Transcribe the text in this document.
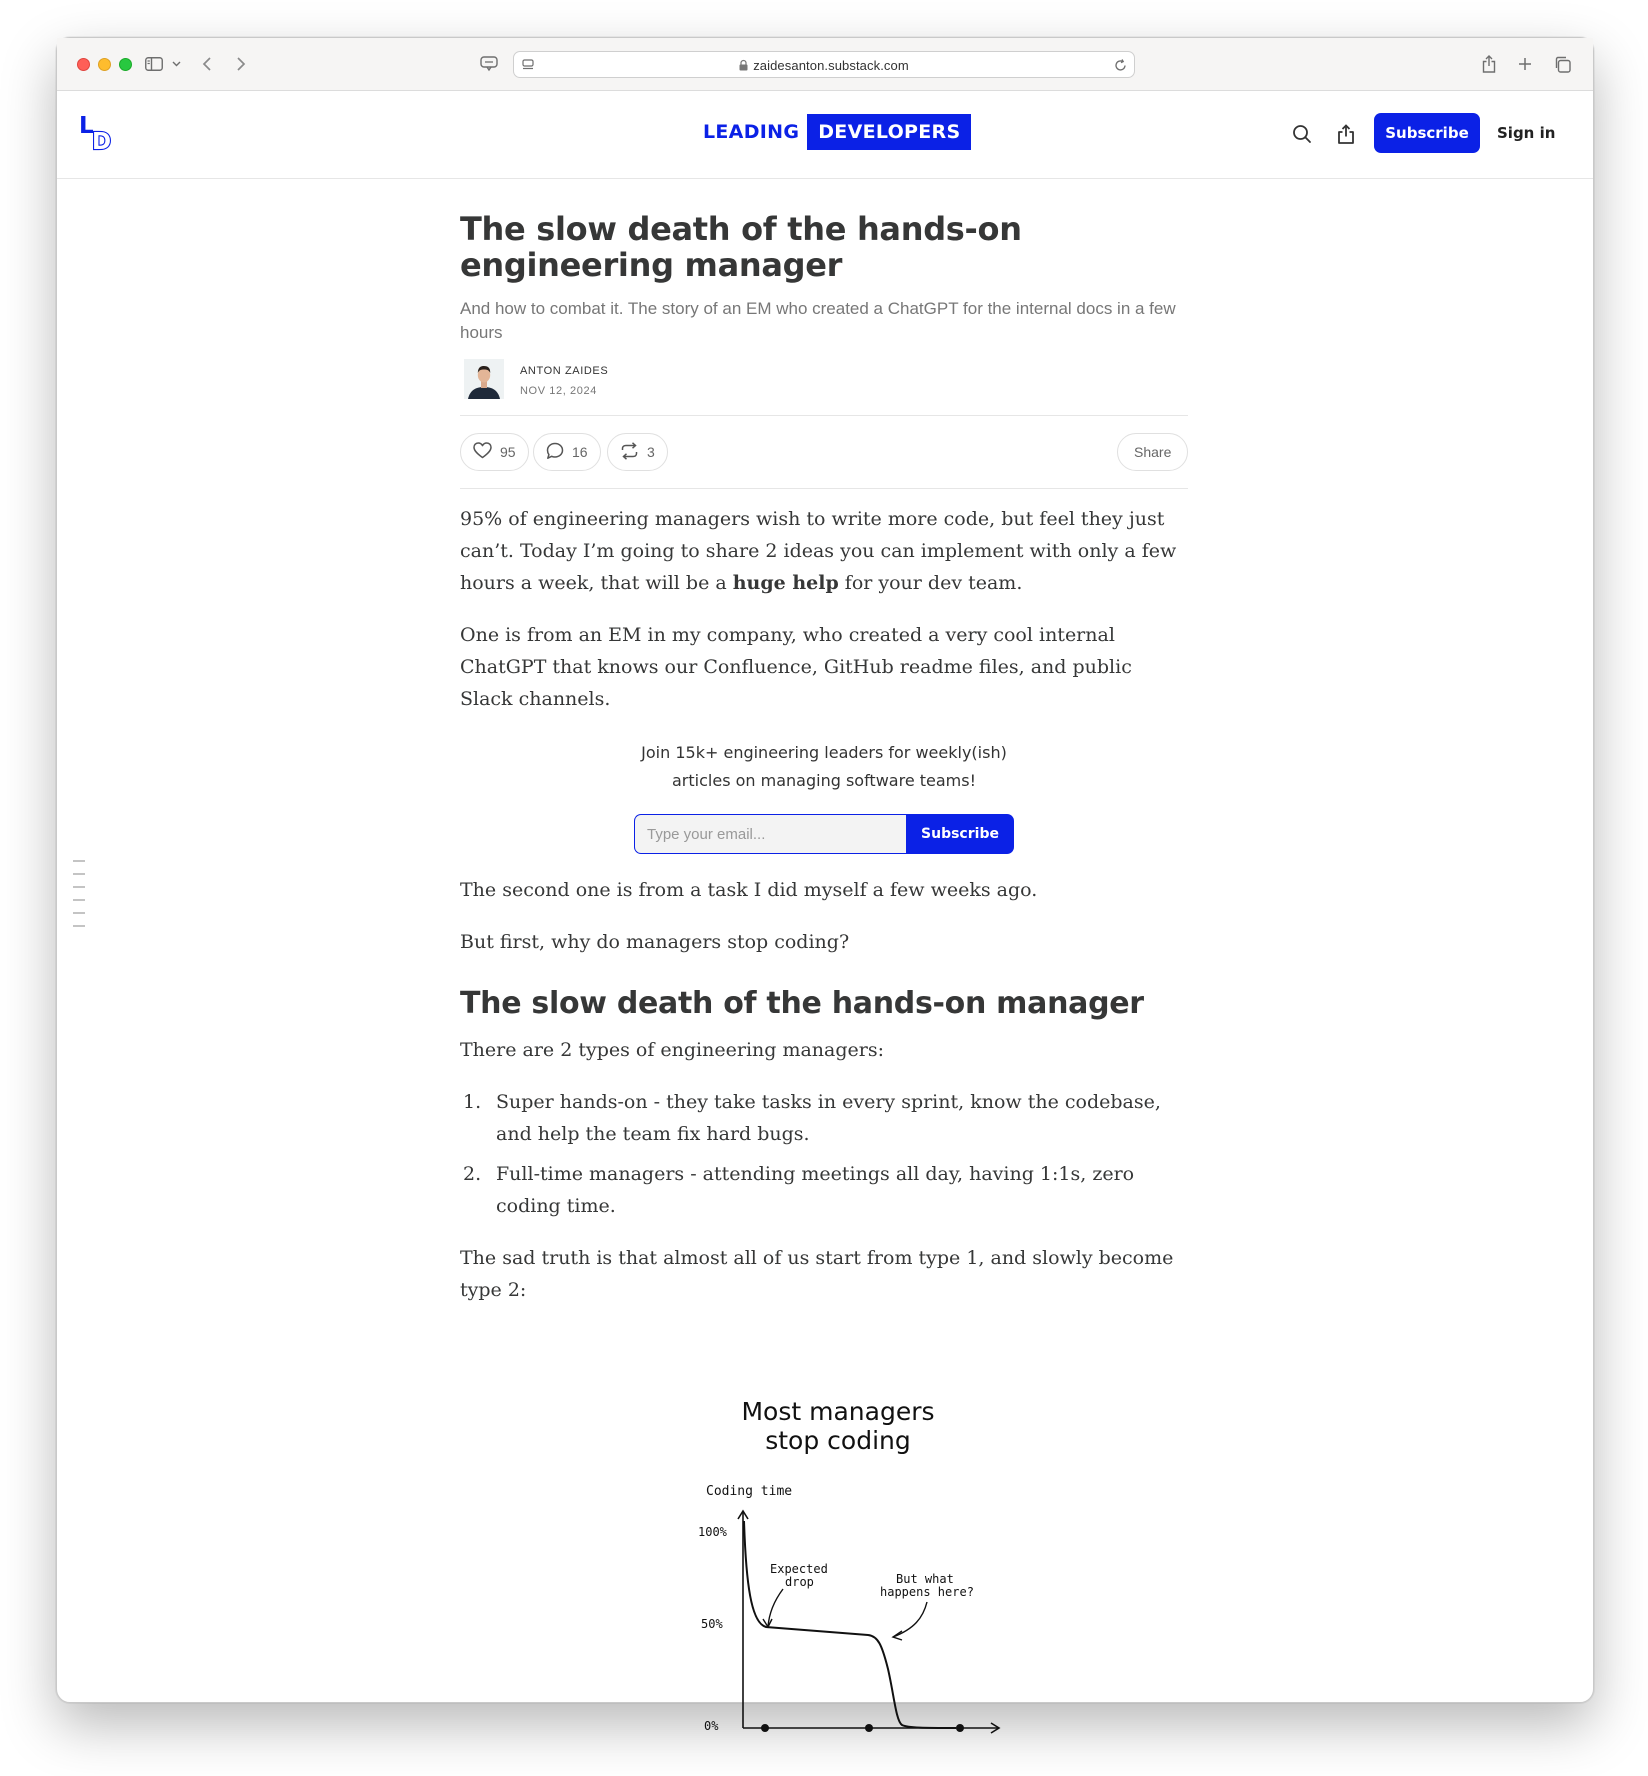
zaidesanton.substack.com
L
D	LEADING	DEVELOPERS	Subscribe	Sign in
The slow death of the hands-on engineering manager
And how to combat it. The story of an EM who created a ChatGPT for the internal docs in a few hours
ANTON ZAIDES
NOV 12, 2024
95	16	3	Share

95% of engineering managers wish to write more code, but feel they just can’t. Today I’m going to share 2 ideas you can implement with only a few hours a week, that will be a huge help for your dev team.

One is from an EM in my company, who created a very cool internal ChatGPT that knows our Confluence, GitHub readme files, and public Slack channels.

Join 15k+ engineering leaders for weekly(ish) articles on managing software teams!
Type your email...
Subscribe

The second one is from a task I did myself a few weeks ago.

But first, why do managers stop coding?

The slow death of the hands-on manager

There are 2 types of engineering managers:

1. Super hands-on - they take tasks in every sprint, know the codebase, and help the team fix hard bugs.
2. Full-time managers - attending meetings all day, having 1:1s, zero coding time.

The sad truth is that almost all of us start from type 1, and slowly become type 2:

Most managers
stop coding
Coding time
100%
50%
0%
Expected
drop	But what
happens here?
